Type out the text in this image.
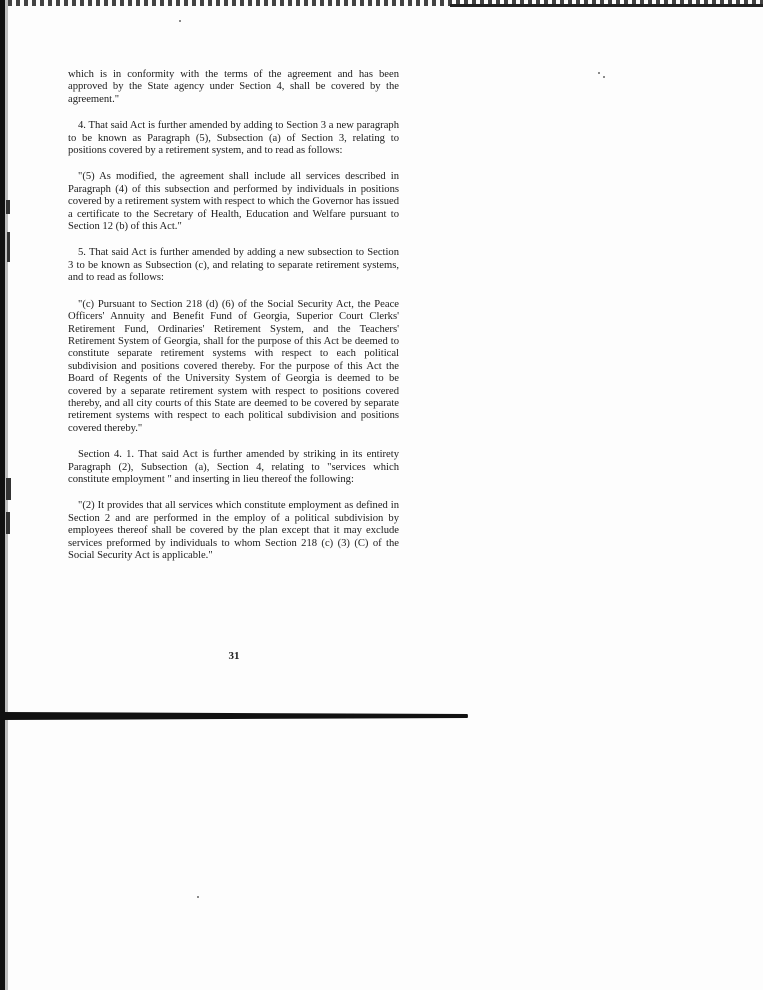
which is in conformity with the terms of the agreement and has been approved by the State agency under Section 4, shall be covered by the agreement."

4. That said Act is further amended by adding to Section 3 a new paragraph to be known as Paragraph (5), Subsection (a) of Section 3, relating to positions covered by a retirement system, and to read as follows:

"(5) As modified, the agreement shall include all services described in Paragraph (4) of this subsection and performed by individuals in positions covered by a retirement system with respect to which the Governor has issued a certificate to the Secretary of Health, Education and Welfare pursuant to Section 12 (b) of this Act."

5. That said Act is further amended by adding a new subsection to Section 3 to be known as Subsection (c), and relating to separate retirement systems, and to read as follows:

"(c) Pursuant to Section 218 (d) (6) of the Social Security Act, the Peace Officers' Annuity and Benefit Fund of Georgia, Superior Court Clerks' Retirement Fund, Ordinaries' Retirement System, and the Teachers' Retirement System of Georgia, shall for the purpose of this Act be deemed to constitute separate retirement systems with respect to each political subdivision and positions covered thereby. For the purpose of this Act the Board of Regents of the University System of Georgia is deemed to be covered by a separate retirement system with respect to positions covered thereby, and all city courts of this State are deemed to be covered by separate retirement systems with respect to each political subdivision and positions covered thereby."

Section 4. 1. That said Act is further amended by striking in its entirety Paragraph (2), Subsection (a), Section 4, relating to "services which constitute employment " and inserting in lieu thereof the following:

"(2) It provides that all services which constitute employment as defined in Section 2 and are performed in the employ of a political subdivision by employees thereof shall be covered by the plan except that it may exclude services preformed by individuals to whom Section 218 (c) (3) (C) of the Social Security Act is applicable."

31
